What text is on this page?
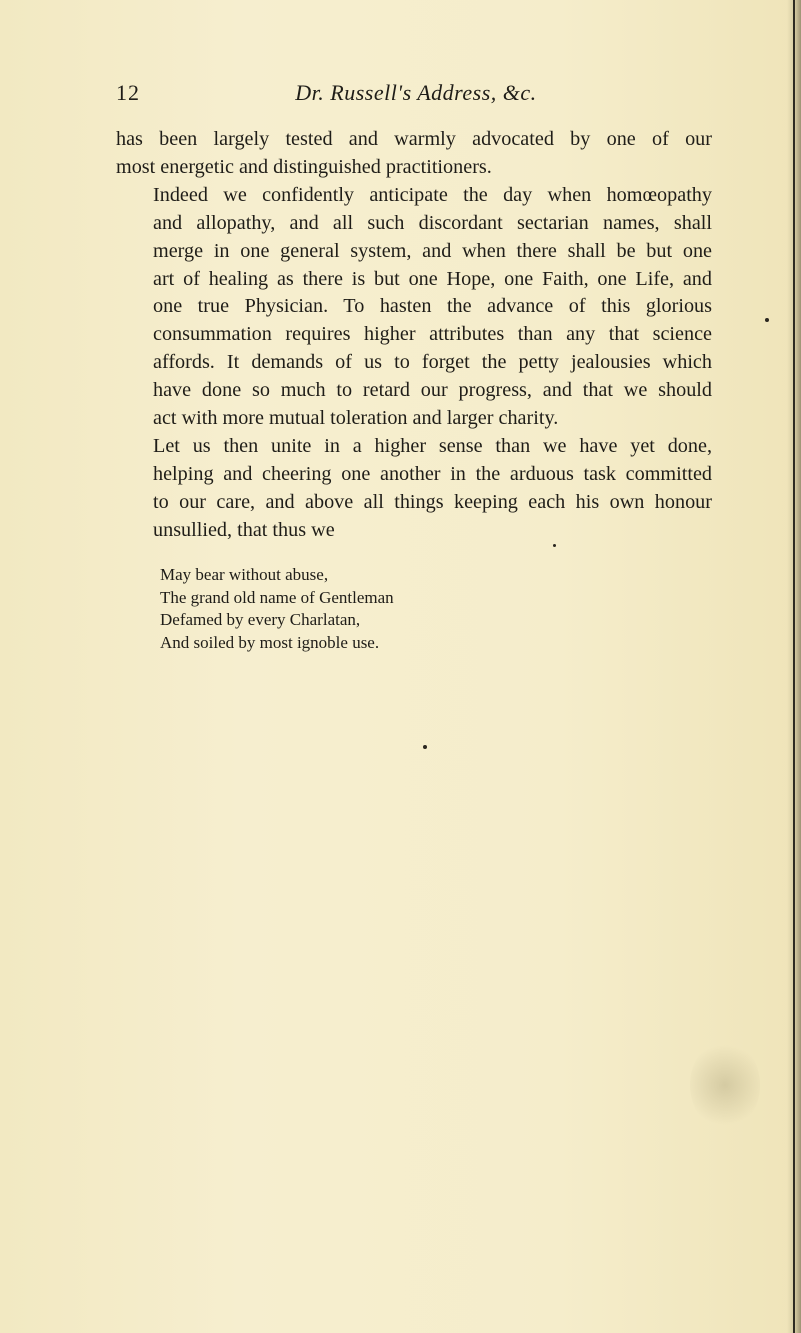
12	Dr. Russell's Address, &c.

has been largely tested and warmly advocated by one of our
most energetic and distinguished practitioners.

Indeed we confidently anticipate the day when homœopathy
and allopathy, and all such discordant sectarian names, shall
merge in one general system, and when there shall be but one
art of healing as there is but one Hope, one Faith, one Life, and
one true Physician. To hasten the advance of this glorious
consummation requires higher attributes than any that science
affords. It demands of us to forget the petty jealousies which
have done so much to retard our progress, and that we should
act with more mutual toleration and larger charity.

Let us then unite in a higher sense than we have yet done,
helping and cheering one another in the arduous task committed
to our care, and above all things keeping each his own honour
unsullied, that thus we

May bear without abuse,
The grand old name of Gentleman
Defamed by every Charlatan,
And soiled by most ignoble use.
